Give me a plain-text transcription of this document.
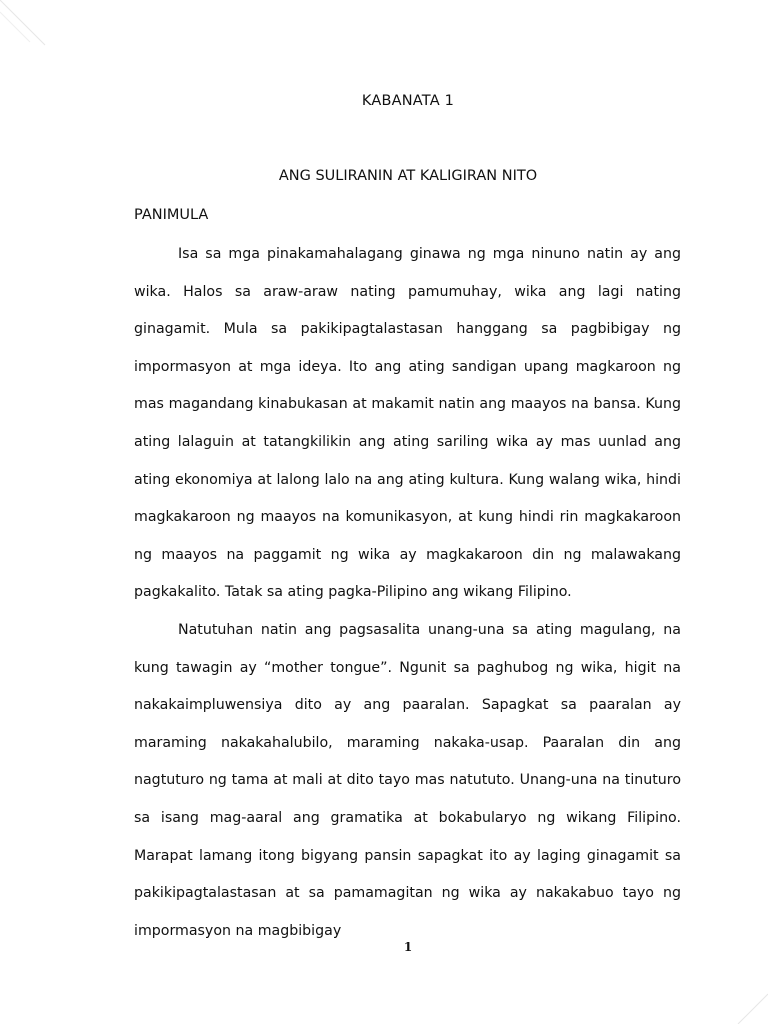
KABANATA 1
ANG SULIRANIN AT KALIGIRAN NITO
PANIMULA

Isa sa mga pinakamahalagang ginawa ng mga ninuno natin ay ang wika. Halos sa araw-araw nating pamumuhay, wika ang lagi nating ginagamit. Mula sa pakikipagtalastasan hanggang sa pagbibigay ng impormasyon at mga ideya. Ito ang ating sandigan upang magkaroon ng mas magandang kinabukasan at makamit natin ang maayos na bansa. Kung ating lalaguin at tatangkilikin ang ating sariling wika ay mas uunlad ang ating ekonomiya at lalong lalo na ang ating kultura. Kung walang wika, hindi magkakaroon ng maayos na komunikasyon, at kung hindi rin magkakaroon ng maayos na paggamit ng wika ay magkakaroon din ng malawakang pagkakalito. Tatak sa ating pagka-Pilipino ang wikang Filipino.

Natutuhan natin ang pagsasalita unang-una sa ating magulang, na kung tawagin ay “mother tongue”. Ngunit sa paghubog ng wika, higit na nakakaimpluwensiya dito ay ang paaralan. Sapagkat sa paaralan ay maraming nakakahalubilo, maraming nakaka-usap. Paaralan din ang nagtuturo ng tama at mali at dito tayo mas natututo. Unang-una na tinuturo sa isang mag-aaral ang gramatika at bokabularyo ng wikang Filipino. Marapat lamang itong bigyang pansin sapagkat ito ay laging ginagamit sa pakikipagtalastasan at sa pamamagitan ng wika ay nakakabuo tayo ng impormasyon na magbibigay

1
